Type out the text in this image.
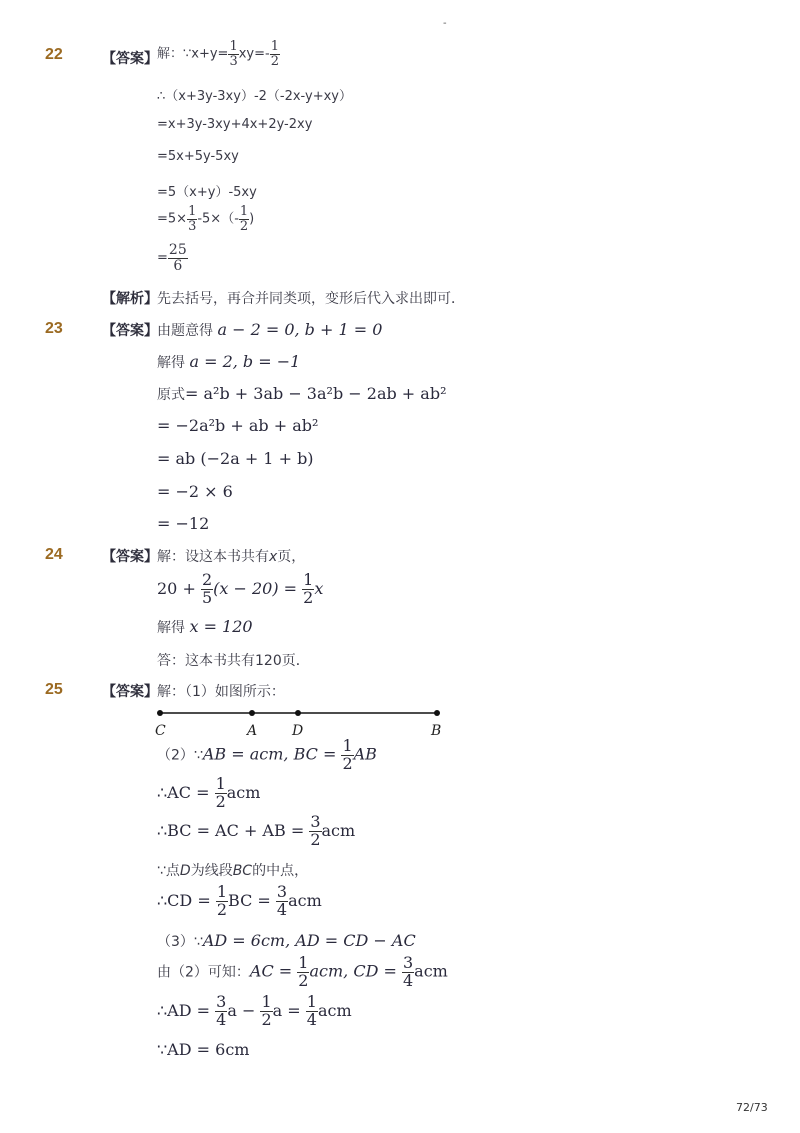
-
22	【答案】 解：∵x+y= $\frac{1}{3} xy=- \frac{1}{2}$
∴（x+3y-3xy）-2（-2x-y+xy）
=x+3y-3xy+4x+2y-2xy
=5x+5y-5xy
=5（x+y）-5xy
$=5\times \frac{1}{3} -5\times(- \frac{1}{2}$ )
= $\frac{25}{6}$
【解析】 先去括号，再合并同类项，变形后代入求出即可．
23	【答案】 由题意得 a − 2 = 0, b + 1 = 0
解得 a = 2, b = −1
原式= a²b + 3ab − 3a²b − 2ab + ab²
= −2a²b + ab + ab²
= ab (−2a + 1 + b)
= −2 × 6
= −12
24	【答案】 解：设这本书共有x页，
$20 + \frac{2}{5} (x - 20) = \frac{1}{2}$ x
解得 x = 120
答：这本书共有120页．
25	【答案】 解：（1）如图所示：
C	A D	B
（2）∵AB = acm, BC = $\frac{1}{2}$ AB
∴AC = $\frac{1}{2}$ acm
∴BC = AC + AB = $\frac{3}{2}$ acm
∵点D为线段BC的中点，
∴CD = $\frac{1}{2}$ BC = $\frac{3}{4}$ acm
（3）∵AD = 6cm, AD = CD − AC
由（2）可知：AC = $\frac{1}{2}$ acm, CD = $\frac{3}{4}$ acm
∴AD = $\frac{3}{4}$ $a - \frac{1}{2}$ $a = \frac{1}{4}$ acm
∵AD = 6cm
72/73
